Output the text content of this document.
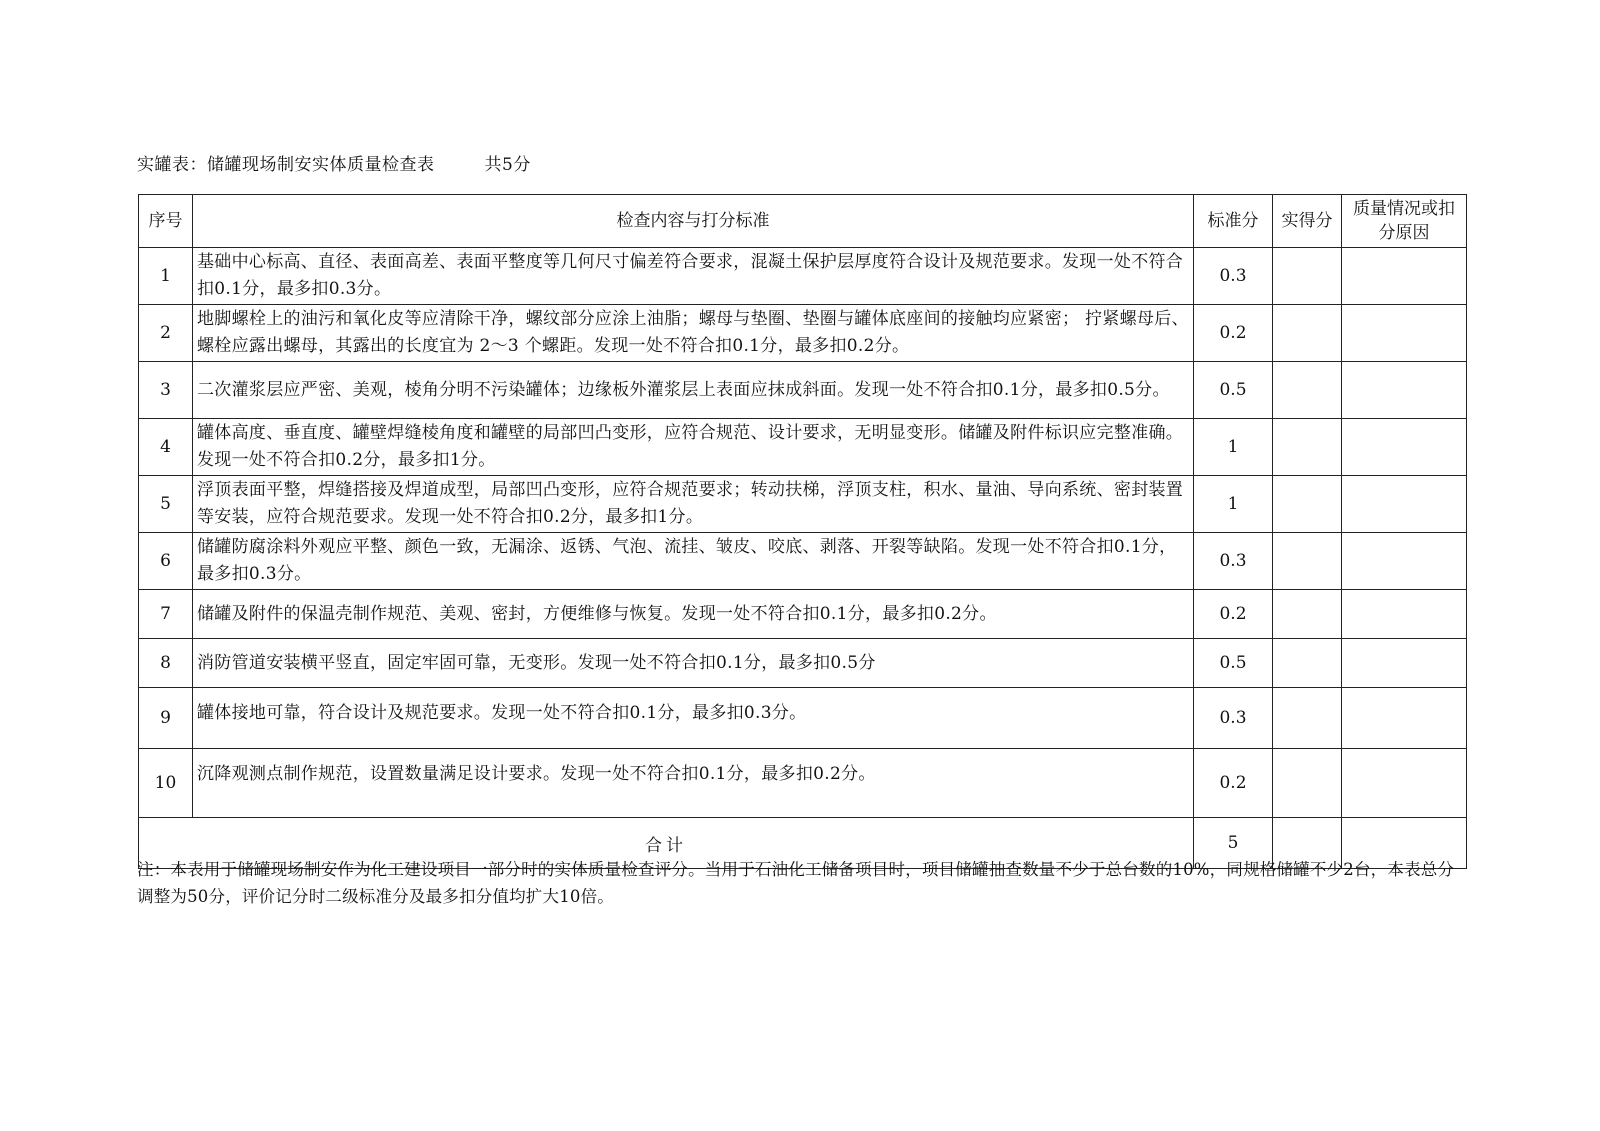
实罐表：储罐现场制安实体质量检查表	共5分
序号	检查内容与打分标准	标准分	实得分	质量情况或扣分原因
1	基础中心标高、直径、表面高差、表面平整度等几何尺寸偏差符合要求，混凝土保护层厚度符合设计及规范要求。发现一处不符合扣0.1分，最多扣0.3分。	0.3		
2	地脚螺栓上的油污和氧化皮等应清除干净，螺纹部分应涂上油脂；螺母与垫圈、垫圈与罐体底座间的接触均应紧密； 拧紧螺母后、螺栓应露出螺母，其露出的长度宜为 2～3 个螺距。发现一处不符合扣0.1分，最多扣0.2分。	0.2		
3	二次灌浆层应严密、美观，棱角分明不污染罐体；边缘板外灌浆层上表面应抹成斜面。发现一处不符合扣0.1分，最多扣0.5分。	0.5		
4	罐体高度、垂直度、罐壁焊缝棱角度和罐壁的局部凹凸变形，应符合规范、设计要求，无明显变形。储罐及附件标识应完整准确。发现一处不符合扣0.2分，最多扣1分。	1		
5	浮顶表面平整，焊缝搭接及焊道成型，局部凹凸变形，应符合规范要求；转动扶梯，浮顶支柱，积水、量油、导向系统、密封装置等安装，应符合规范要求。发现一处不符合扣0.2分，最多扣1分。	1		
6	储罐防腐涂料外观应平整、颜色一致，无漏涂、返锈、气泡、流挂、皱皮、咬底、剥落、开裂等缺陷。发现一处不符合扣0.1分，最多扣0.3分。	0.3		
7	储罐及附件的保温壳制作规范、美观、密封，方便维修与恢复。发现一处不符合扣0.1分，最多扣0.2分。	0.2		
8	消防管道安装横平竖直，固定牢固可靠，无变形。发现一处不符合扣0.1分，最多扣0.5分	0.5		
9	罐体接地可靠，符合设计及规范要求。发现一处不符合扣0.1分，最多扣0.3分。	0.3		
10	沉降观测点制作规范，设置数量满足设计要求。发现一处不符合扣0.1分，最多扣0.2分。	0.2		
合计		5		
注：本表用于储罐现场制安作为化工建设项目一部分时的实体质量检查评分。当用于石油化工储备项目时，项目储罐抽查数量不少于总台数的10%，同规格储罐不少2台，本表总分调整为50分，评价记分时二级标准分及最多扣分值均扩大10倍。
